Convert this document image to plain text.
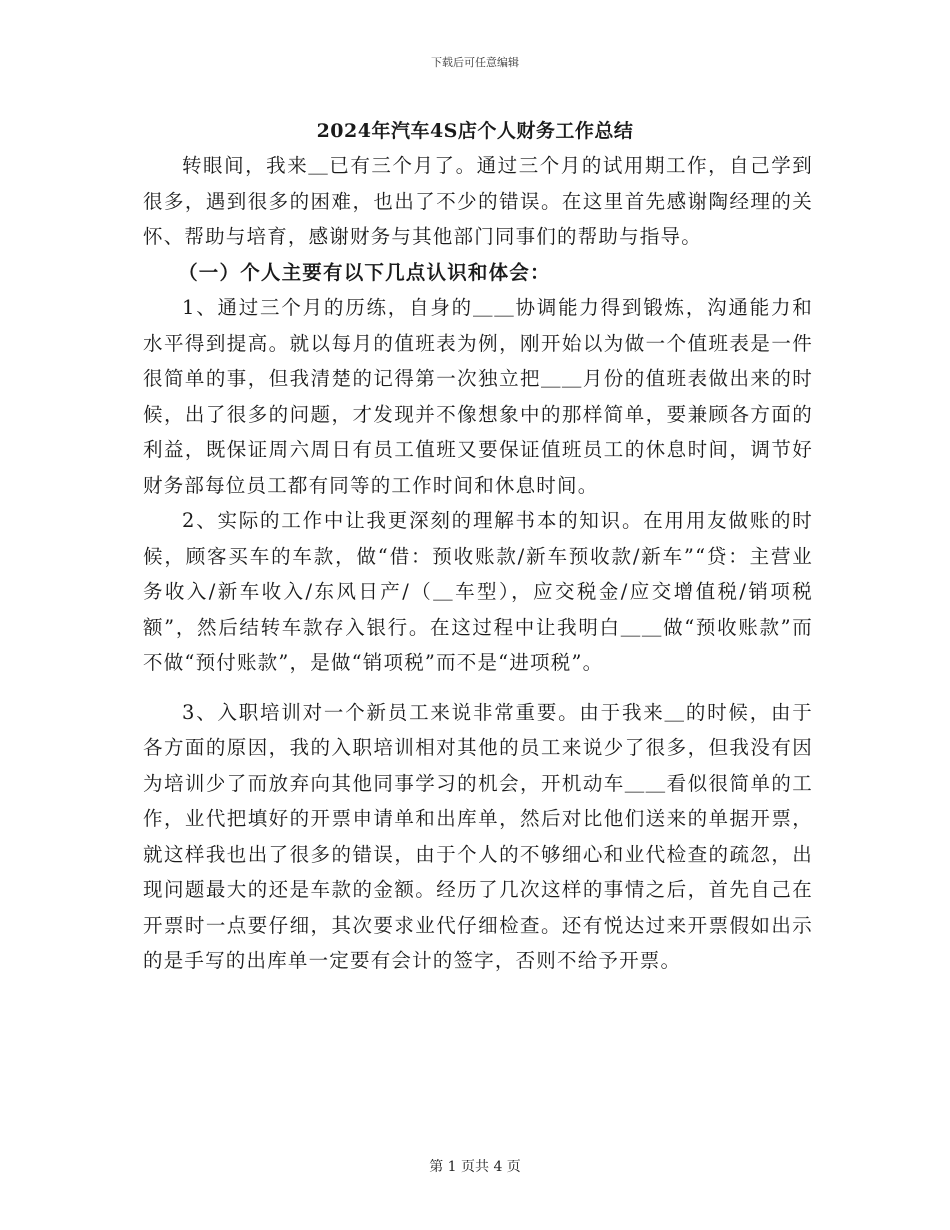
下载后可任意编辑
2024年汽车4S店个人财务工作总结

转眼间，我来＿已有三个月了。通过三个月的试用期工作，自己学到很多，遇到很多的困难，也出了不少的错误。在这里首先感谢陶经理的关怀、帮助与培育，感谢财务与其他部门同事们的帮助与指导。

（一）个人主要有以下几点认识和体会：

1、通过三个月的历练，自身的＿＿协调能力得到锻炼，沟通能力和水平得到提高。就以每月的值班表为例，刚开始以为做一个值班表是一件很简单的事，但我清楚的记得第一次独立把＿＿月份的值班表做出来的时候，出了很多的问题，才发现并不像想象中的那样简单，要兼顾各方面的利益，既保证周六周日有员工值班又要保证值班员工的休息时间，调节好财务部每位员工都有同等的工作时间和休息时间。

2、实际的工作中让我更深刻的理解书本的知识。在用用友做账的时候，顾客买车的车款，做“借：预收账款/新车预收款/新车”“贷：主营业务收入/新车收入/东风日产/（＿车型），应交税金/应交增值税/销项税额”，然后结转车款存入银行。在这过程中让我明白＿＿做“预收账款”而不做“预付账款”，是做“销项税”而不是“进项税”。

3、入职培训对一个新员工来说非常重要。由于我来＿的时候，由于各方面的原因，我的入职培训相对其他的员工来说少了很多，但我没有因为培训少了而放弃向其他同事学习的机会，开机动车＿＿看似很简单的工作，业代把填好的开票申请单和出库单，然后对比他们送来的单据开票，就这样我也出了很多的错误，由于个人的不够细心和业代检查的疏忽，出现问题最大的还是车款的金额。经历了几次这样的事情之后，首先自己在开票时一点要仔细，其次要求业代仔细检查。还有悦达过来开票假如出示的是手写的出库单一定要有会计的签字，否则不给予开票。

第 1 页共 4 页
